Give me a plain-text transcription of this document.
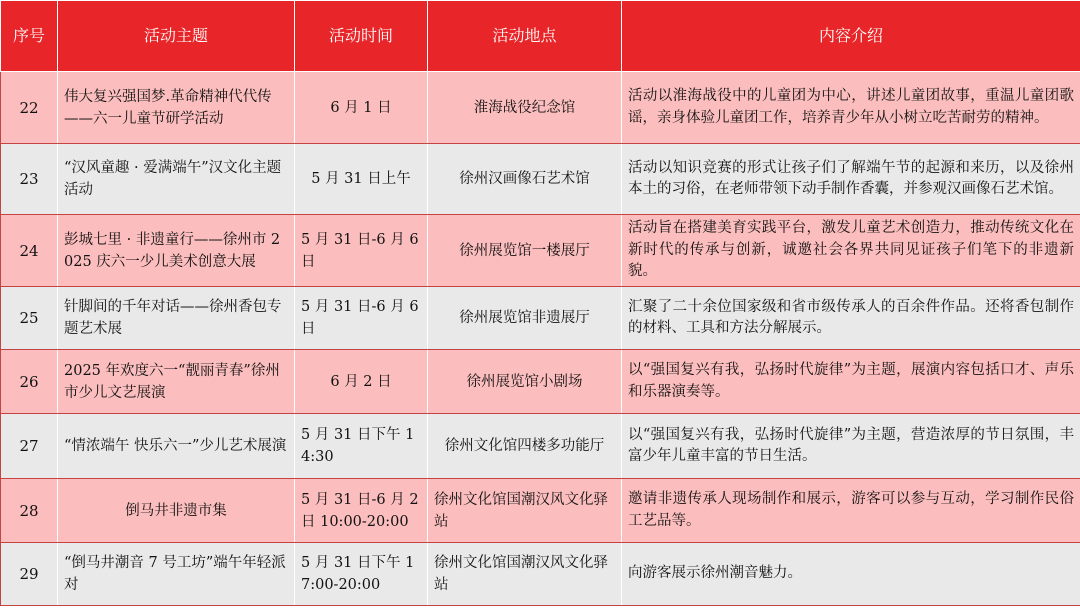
序号	活动主题	活动时间	活动地点	内容介绍
22	伟大复兴强国梦.革命精神代代传——六一儿童节研学活动	6 月 1 日	淮海战役纪念馆	活动以淮海战役中的儿童团为中心，讲述儿童团故事，重温儿童团歌谣，亲身体验儿童团工作，培养青少年从小树立吃苦耐劳的精神。
23	“汉风童趣 · 爱满端午”汉文化主题活动	5 月 31 日上午	徐州汉画像石艺术馆	活动以知识竞赛的形式让孩子们了解端午节的起源和来历，以及徐州本土的习俗，在老师带领下动手制作香囊，并参观汉画像石艺术馆。
24	彭城七里 · 非遗童行——徐州市 2025 庆六一少儿美术创意大展	5 月 31 日-6 月 6 日	徐州展览馆一楼展厅	活动旨在搭建美育实践平台，激发儿童艺术创造力，推动传统文化在新时代的传承与创新，诚邀社会各界共同见证孩子们笔下的非遗新貌。
25	针脚间的千年对话——徐州香包专题艺术展	5 月 31 日-6 月 6 日	徐州展览馆非遗展厅	汇聚了二十余位国家级和省市级传承人的百余件作品。还将香包制作的材料、工具和方法分解展示。
26	2025 年欢度六一“靓丽青春”徐州市少儿文艺展演	6 月 2 日	徐州展览馆小剧场	以“强国复兴有我，弘扬时代旋律”为主题，展演内容包括口才、声乐和乐器演奏等。
27	“情浓端午 快乐六一”少儿艺术展演	5 月 31 日下午 14:30	徐州文化馆四楼多功能厅	以“强国复兴有我，弘扬时代旋律”为主题，营造浓厚的节日氛围，丰富少年儿童丰富的节日生活。
28	倒马井非遗市集	5 月 31 日-6 月 2 日 10:00-20:00	徐州文化馆国潮汉风文化驿站	邀请非遗传承人现场制作和展示，游客可以参与互动，学习制作民俗工艺品等。
29	“倒马井潮音 7 号工坊”端午年轻派对	5 月 31 日下午 17:00-20:00	徐州文化馆国潮汉风文化驿站	向游客展示徐州潮音魅力。
